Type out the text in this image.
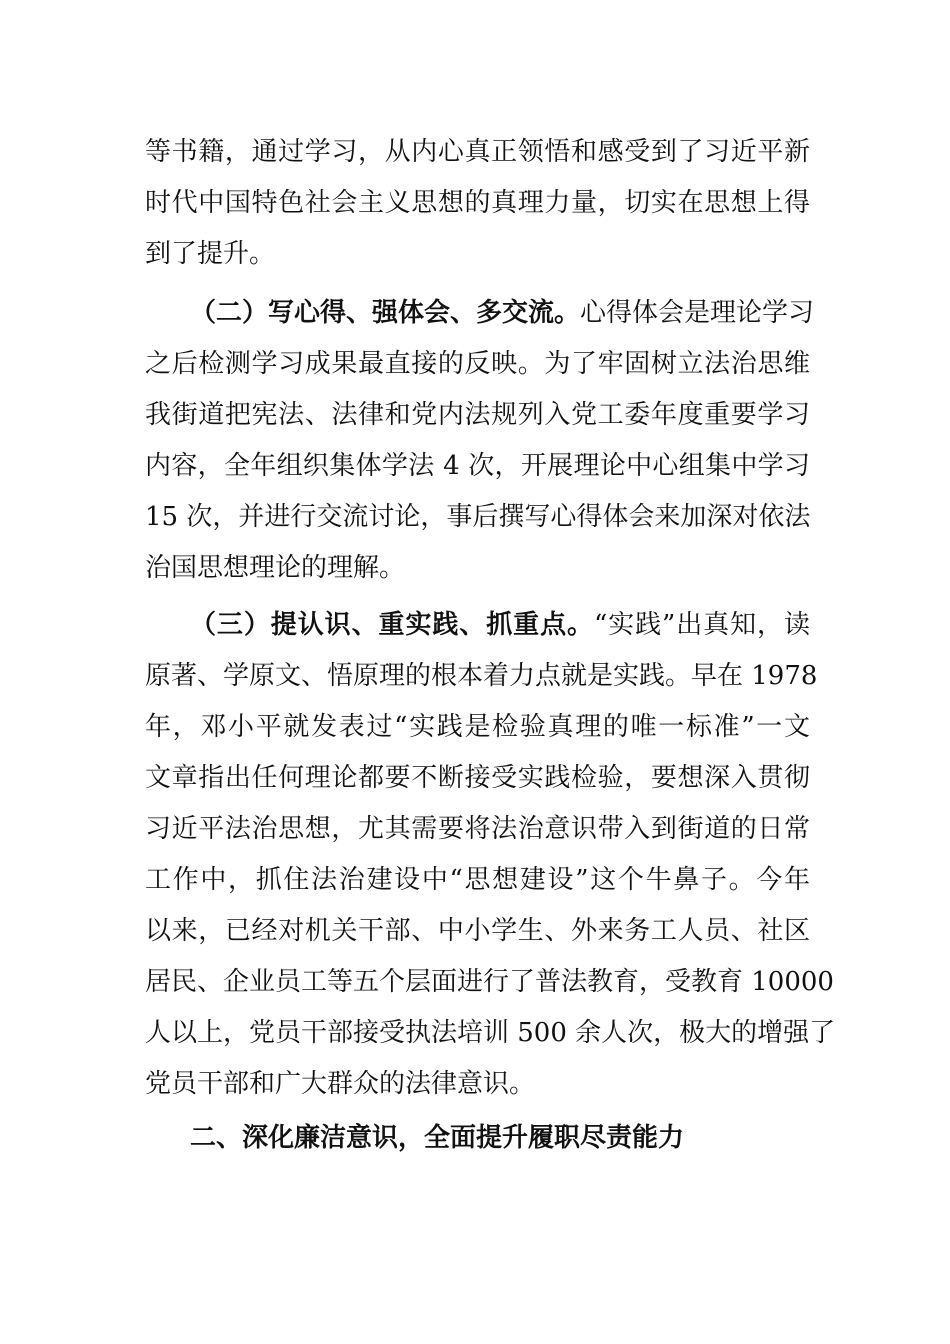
等书籍，通过学习，从内心真正领悟和感受到了习近平新
时代中国特色社会主义思想的真理力量，切实在思想上得
到了提升。
（二）写心得、强体会、多交流。心得体会是理论学习
之后检测学习成果最直接的反映。为了牢固树立法治思维
我街道把宪法、法律和党内法规列入党工委年度重要学习
内容，全年组织集体学法 4 次，开展理论中心组集中学习
15 次，并进行交流讨论，事后撰写心得体会来加深对依法
治国思想理论的理解。
（三）提认识、重实践、抓重点。“实践”出真知，读
原著、学原文、悟原理的根本着力点就是实践。早在 1978
年，邓小平就发表过“实践是检验真理的唯一标准”一文
文章指出任何理论都要不断接受实践检验，要想深入贯彻
习近平法治思想，尤其需要将法治意识带入到街道的日常
工作中，抓住法治建设中“思想建设”这个牛鼻子。今年
以来，已经对机关干部、中小学生、外来务工人员、社区
居民、企业员工等五个层面进行了普法教育，受教育 10000
人以上，党员干部接受执法培训 500 余人次，极大的增强了
党员干部和广大群众的法律意识。
二、深化廉洁意识，全面提升履职尽责能力
